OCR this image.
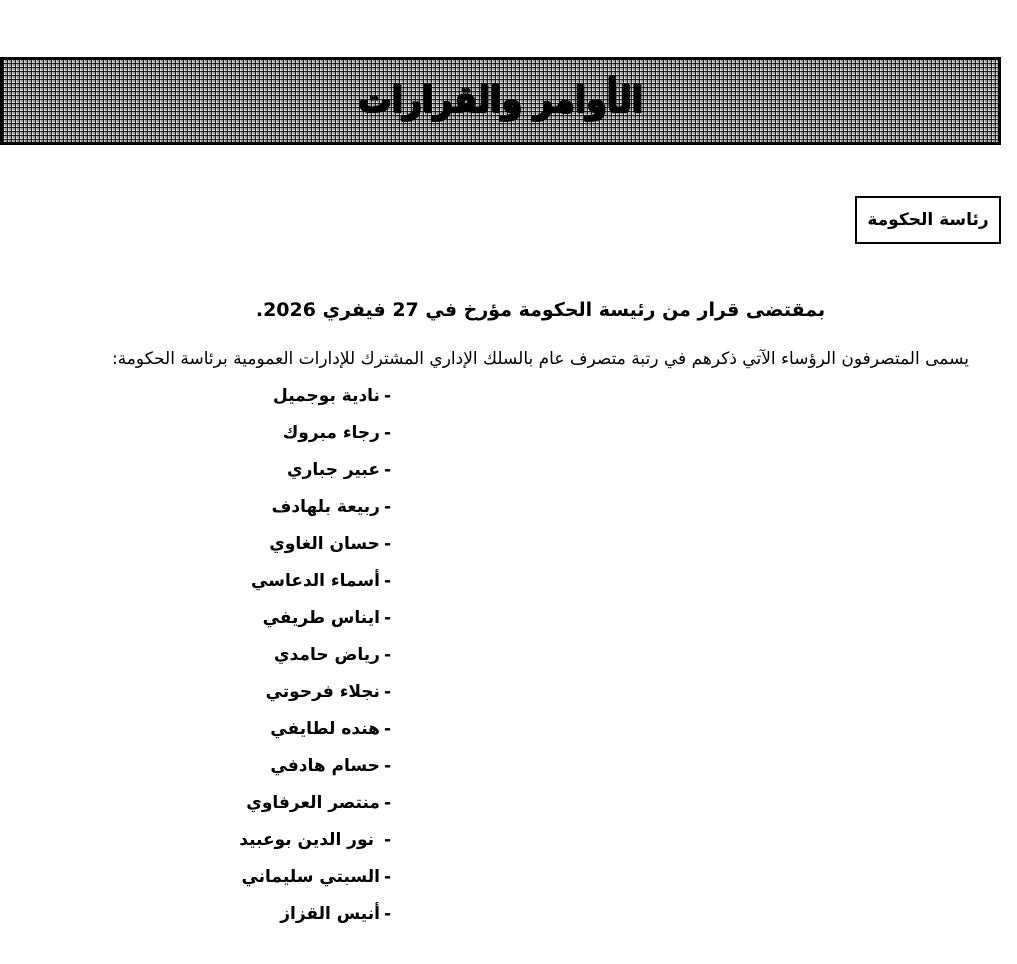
الأوامر والقرارات
رئاسة الحكومة

بمقتضى قرار من رئيسة الحكومة مؤرخ في 27 فيفري 2026.

يسمى المتصرفون الرؤساء الآتي ذكرهم في رتبة متصرف عام بالسلك الإداري المشترك للإدارات العمومية برئاسة الحكومة:

-نادية بوجميل
-رجاء مبروك
-عبير جباري
-ربيعة بلهادف
-حسان الغاوي
-أسماء الدعاسي
-ايناس طريفي
-رياض حامدي
-نجلاء فرحوتي
-هنده لطايفي
-حسام هادفي
-منتصر العرفاوي
- نور الدين بوعبيد
-السبتي سليماني
-أنيس القزاز
